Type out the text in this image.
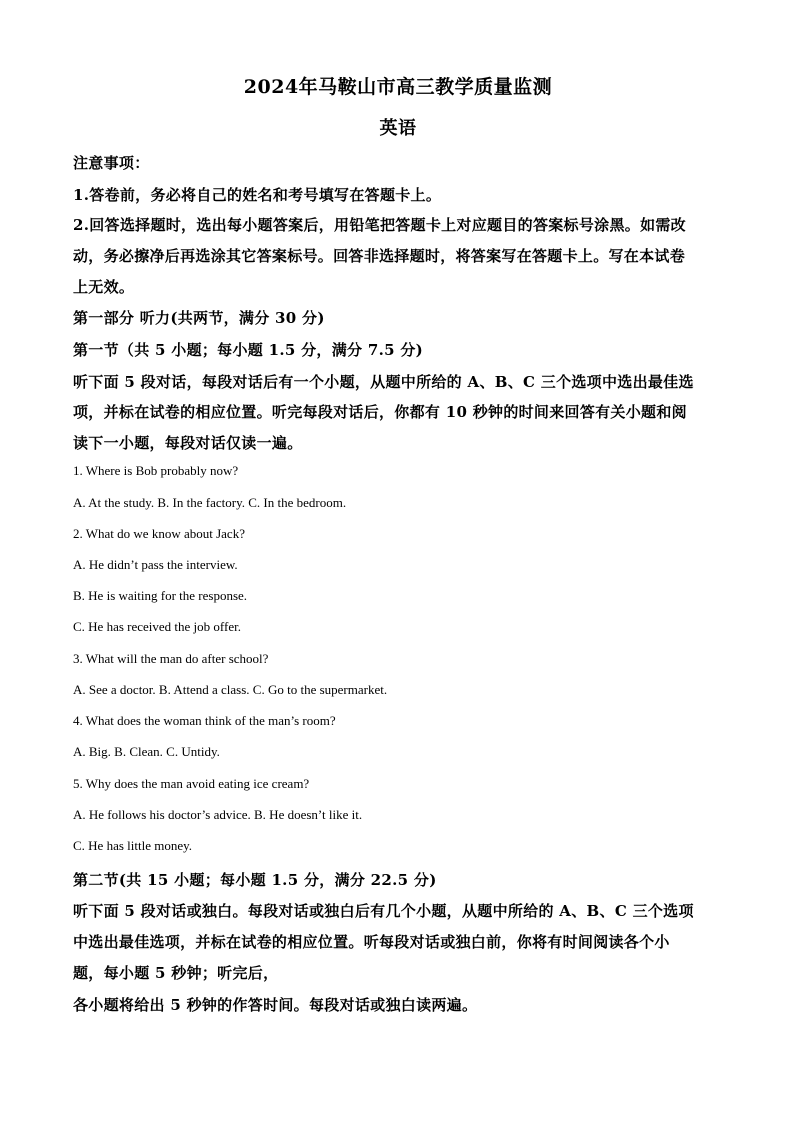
2024年马鞍山市高三教学质量监测
英语
注意事项：
1.答卷前，务必将自己的姓名和考号填写在答题卡上。
2.回答选择题时，选出每小题答案后，用铅笔把答题卡上对应题目的答案标号涂黑。如需改
动，务必擦净后再选涂其它答案标号。回答非选择题时，将答案写在答题卡上。写在本试卷
上无效。
第一部分 听力(共两节，满分 30 分)
第一节（共 5 小题；每小题 1.5 分，满分 7.5 分)
听下面 5 段对话，每段对话后有一个小题，从题中所给的 A、B、C 三个选项中选出最佳选
项，并标在试卷的相应位置。听完每段对话后，你都有 10 秒钟的时间来回答有关小题和阅
读下一小题，每段对话仅读一遍。
1. Where is Bob probably now?
A. At the study. B. In the factory. C. In the bedroom.
2. What do we know about Jack?
A. He didn’t pass the interview.
B. He is waiting for the response.
C. He has received the job offer.
3. What will the man do after school?
A. See a doctor. B. Attend a class. C. Go to the supermarket.
4. What does the woman think of the man’s room?
A. Big. B. Clean. C. Untidy.
5. Why does the man avoid eating ice cream?
A. He follows his doctor’s advice. B. He doesn’t like it.
C. He has little money.
第二节(共 15 小题；每小题 1.5 分，满分 22.5 分)
听下面 5 段对话或独白。每段对话或独白后有几个小题，从题中所给的 A、B、C 三个选项
中选出最佳选项，并标在试卷的相应位置。听每段对话或独白前，你将有时间阅读各个小
题，每小题 5 秒钟；听完后，
各小题将给出 5 秒钟的作答时间。每段对话或独白读两遍。
